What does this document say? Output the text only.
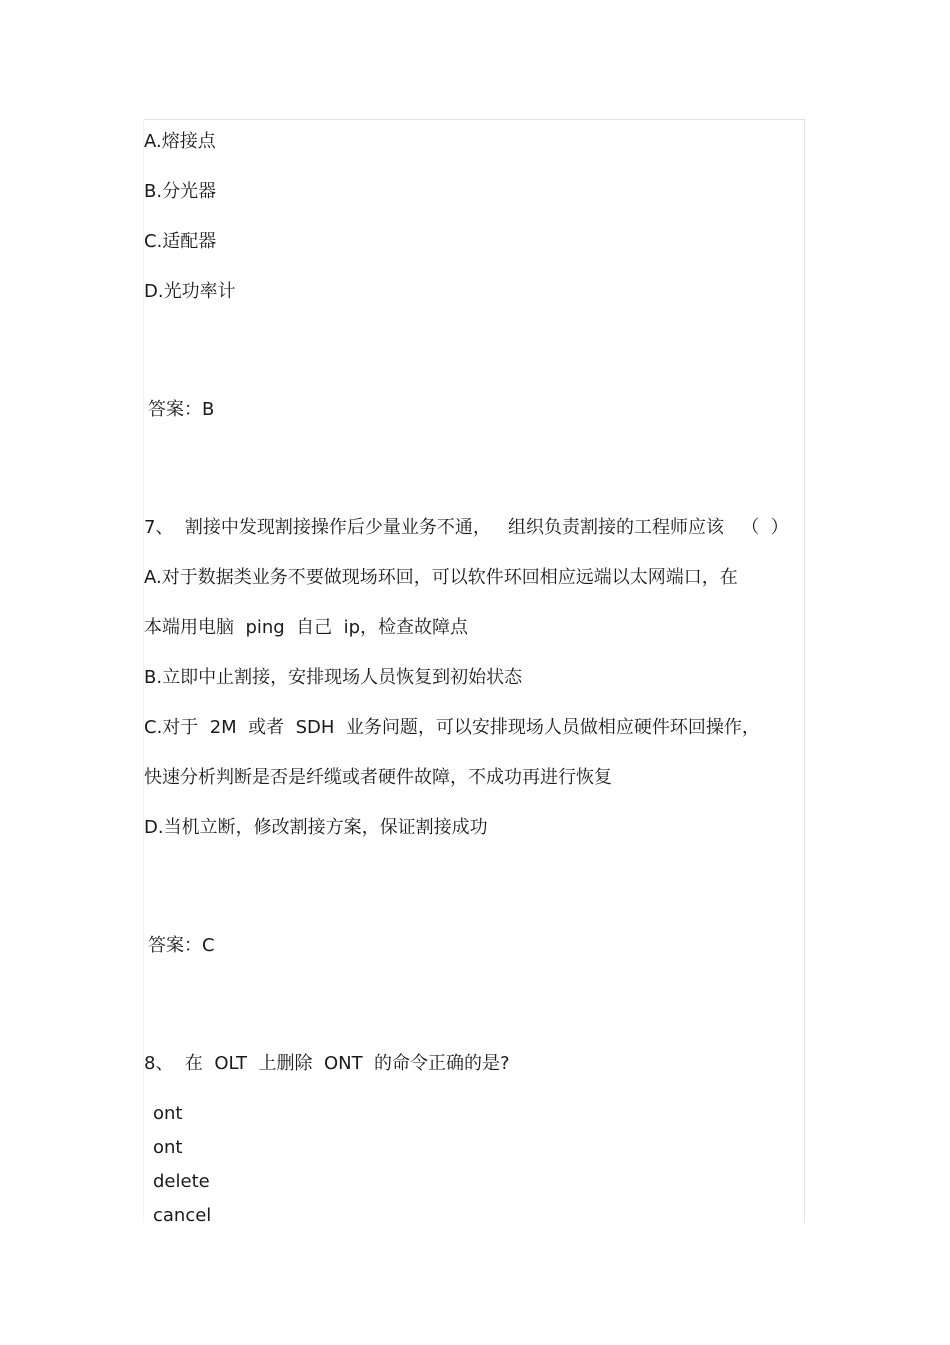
A.熔接点
B.分光器
C.适配器
D.光功率计
答案：B
7、  割接中发现割接操作后少量业务不通，   组织负责割接的工程师应该   （  ）
A.对于数据类业务不要做现场环回，可以软件环回相应远端以太网端口，在
本端用电脑  ping  自己  ip，检查故障点
B.立即中止割接，安排现场人员恢复到初始状态
C.对于  2M  或者  SDH  业务问题，可以安排现场人员做相应硬件环回操作，
快速分析判断是否是纤缆或者硬件故障，不成功再进行恢复
D.当机立断，修改割接方案，保证割接成功
答案：C
8、  在  OLT  上删除  ONT  的命令正确的是?
ont
ont
delete
cancel
